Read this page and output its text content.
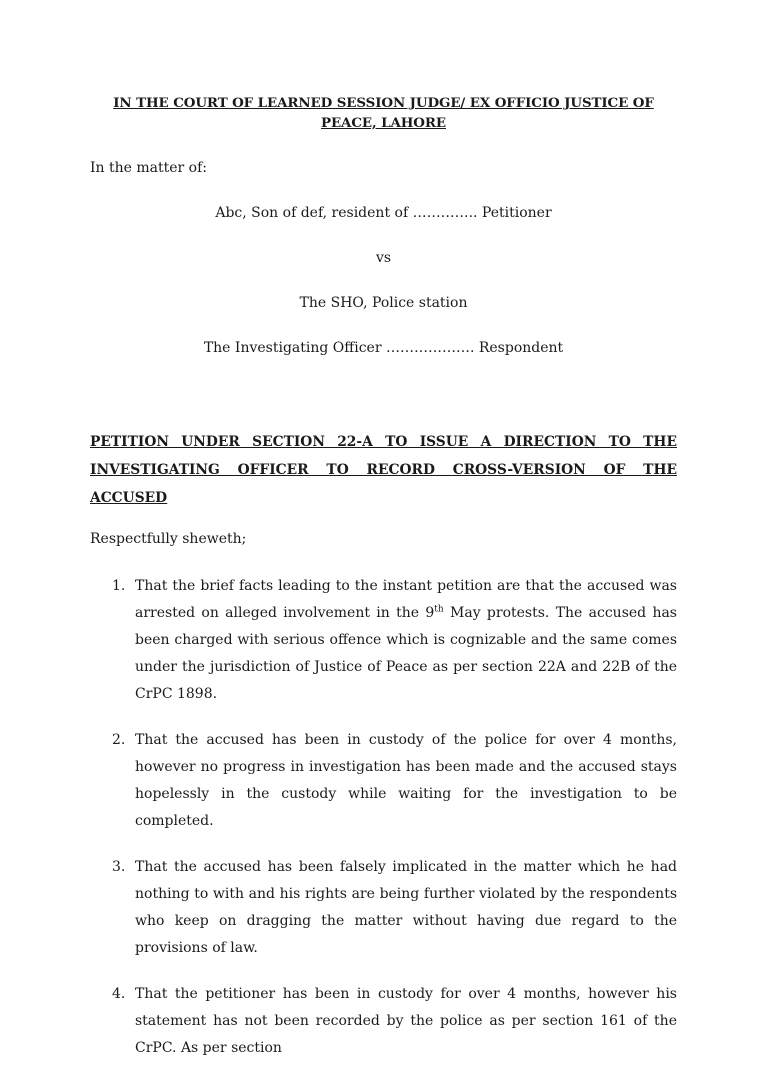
IN THE COURT OF LEARNED SESSION JUDGE/ EX OFFICIO JUSTICE OF PEACE, LAHORE

In the matter of:
Abc, Son of def, resident of ………….. Petitioner
vs
The SHO, Police station
The Investigating Officer ………………. Respondent
PETITION UNDER SECTION 22-A TO ISSUE A DIRECTION TO THE INVESTIGATING OFFICER TO RECORD CROSS-VERSION OF THE ACCUSED
Respectfully sheweth;
1. That the brief facts leading to the instant petition are that the accused was arrested on alleged involvement in the 9th May protests. The accused has been charged with serious offence which is cognizable and the same comes under the jurisdiction of Justice of Peace as per section 22A and 22B of the CrPC 1898.
2. That the accused has been in custody of the police for over 4 months, however no progress in investigation has been made and the accused stays hopelessly in the custody while waiting for the investigation to be completed.
3. That the accused has been falsely implicated in the matter which he had nothing to with and his rights are being further violated by the respondents who keep on dragging the matter without having due regard to the provisions of law.
4. That the petitioner has been in custody for over 4 months, however his statement has not been recorded by the police as per section 161 of the CrPC. As per section
